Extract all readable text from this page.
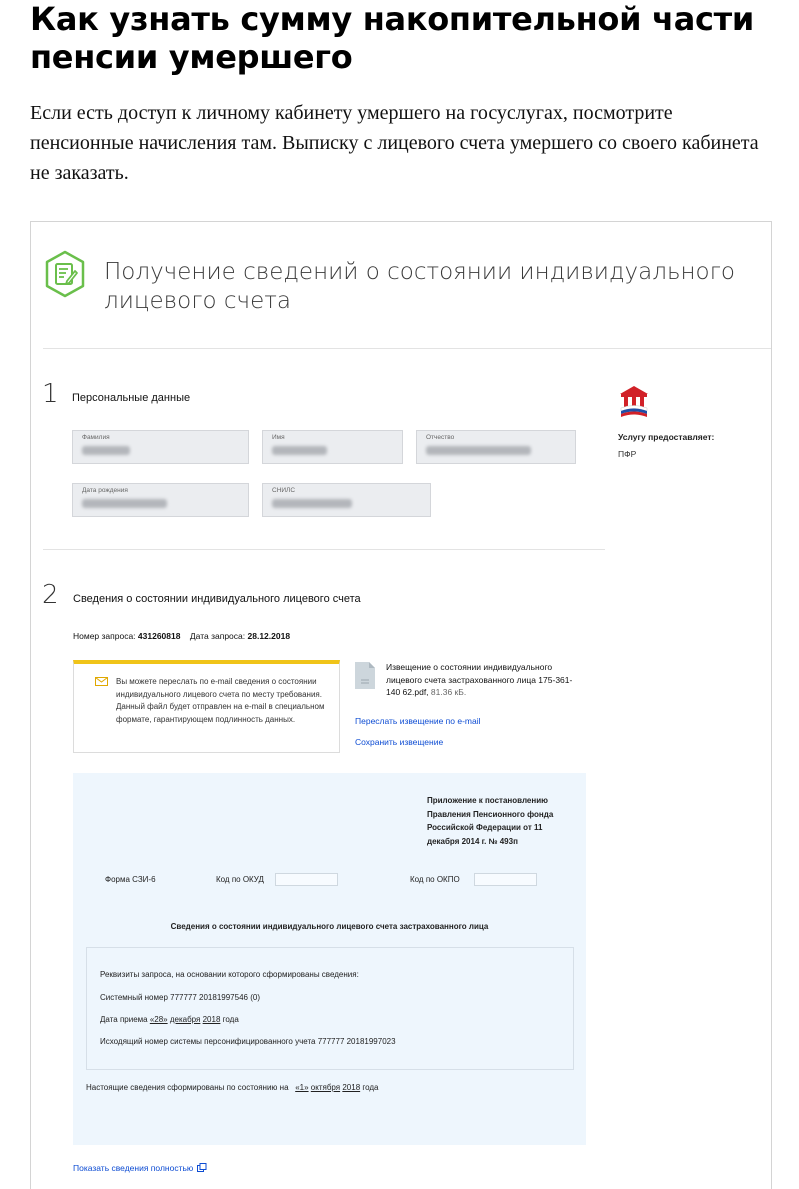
Как узнать сумму накопительной части пенсии умершего

Если есть доступ к личному кабинету умершего на госуслугах, посмотрите пенсионные начисления там. Выписку с лицевого счета умершего со своего кабинета не заказать.

Получение сведений о состоянии индивидуального лицевого счета
1 Персональные данные
Фамилия	Имя	Отчество
Дата рождения	СНИЛС
Услугу предоставляет:
ПФР
2 Сведения о состоянии индивидуального лицевого счета
Номер запроса: 431260818 Дата запроса: 28.12.2018
Вы можете переслать по e-mail сведения о состоянии индивидуального лицевого счета по месту требования. Данный файл будет отправлен на e-mail в специальном формате, гарантирующем подлинность данных.
Извещение о состоянии индивидуального лицевого счета застрахованного лица 175-361-140 62.pdf, 81.36 кБ.
Переслать извещение по e-mail
Сохранить извещение
Приложение к постановлению Правления Пенсионного фонда Российской Федерации от 11 декабря 2014 г. № 493п
Форма СЗИ-6	Код по ОКУД	Код по ОКПО
Сведения о состоянии индивидуального лицевого счета застрахованного лица
Реквизиты запроса, на основании которого сформированы сведения:
Системный номер 777777 20181997546 (0)
Дата приема «28» декабря 2018 года
Исходящий номер системы персонифицированного учета 777777 20181997023
Настоящие сведения сформированы по состоянию на «1» октября 2018 года
Показать сведения полностью
